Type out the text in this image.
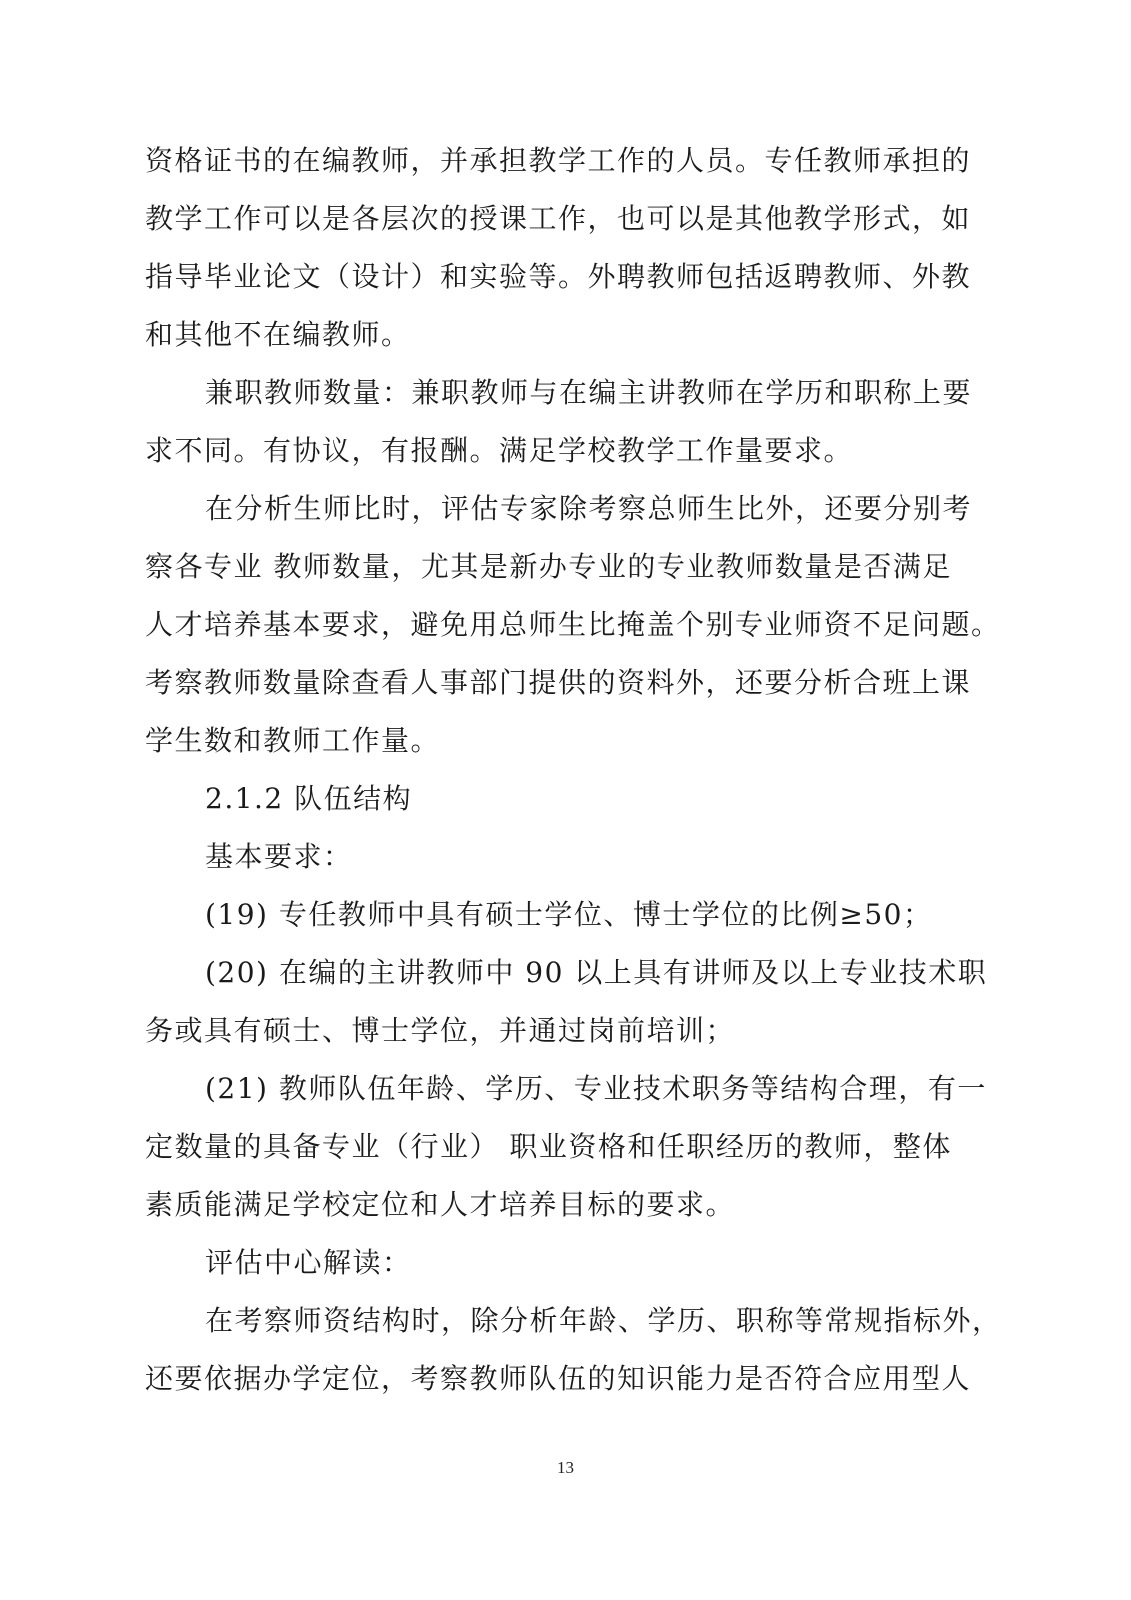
资格证书的在编教师，并承担教学工作的人员。专任教师承担的
教学工作可以是各层次的授课工作，也可以是其他教学形式，如
指导毕业论文（设计）和实验等。外聘教师包括返聘教师、外教
和其他不在编教师。
兼职教师数量：兼职教师与在编主讲教师在学历和职称上要
求不同。有协议，有报酬。满足学校教学工作量要求。
在分析生师比时，评估专家除考察总师生比外，还要分别考
察各专业 教师数量，尤其是新办专业的专业教师数量是否满足
人才培养基本要求，避免用总师生比掩盖个别专业师资不足问题。
考察教师数量除查看人事部门提供的资料外，还要分析合班上课
学生数和教师工作量。
2.1.2 队伍结构
基本要求：
(19) 专任教师中具有硕士学位、博士学位的比例≥50；
(20) 在编的主讲教师中 90 以上具有讲师及以上专业技术职
务或具有硕士、博士学位，并通过岗前培训；
(21) 教师队伍年龄、学历、专业技术职务等结构合理，有一
定数量的具备专业（行业） 职业资格和任职经历的教师，整体
素质能满足学校定位和人才培养目标的要求。
评估中心解读：
在考察师资结构时，除分析年龄、学历、职称等常规指标外，
还要依据办学定位，考察教师队伍的知识能力是否符合应用型人
13
